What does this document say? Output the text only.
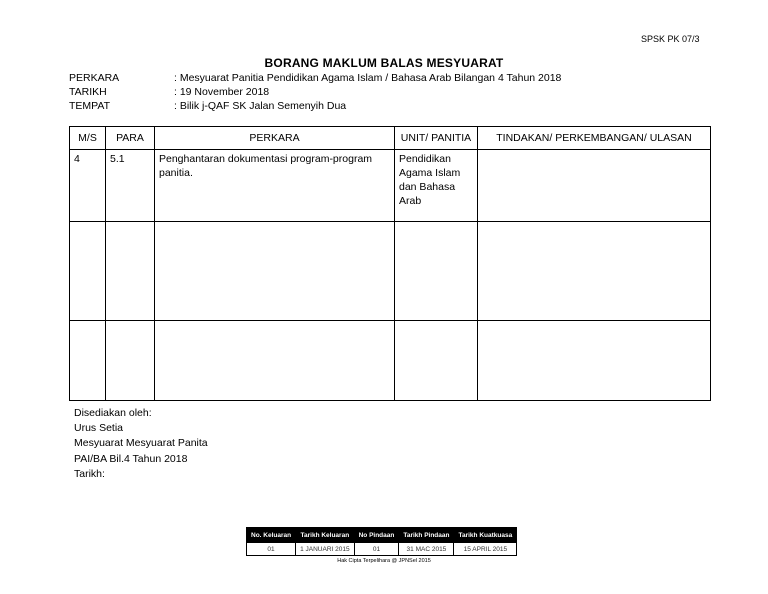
SPSK PK 07/3
BORANG MAKLUM BALAS MESYUARAT
PERKARA	: Mesyuarat Panitia Pendidikan Agama Islam / Bahasa Arab Bilangan 4 Tahun 2018
TARIKH	: 19 November 2018
TEMPAT	: Bilik j-QAF SK Jalan Semenyih Dua
M/S	PARA	PERKARA	UNIT/ PANITIA	TINDAKAN/ PERKEMBANGAN/ ULASAN
4	5.1	Penghantaran dokumentasi program-program panitia.	Pendidikan Agama Islam dan Bahasa Arab	

Disediakan oleh:
Urus Setia
Mesyuarat Mesyuarat Panita
PAI/BA Bil.4 Tahun 2018
Tarikh:
No. Keluaran	Tarikh Keluaran	No Pindaan	Tarikh Pindaan	Tarikh Kuatkuasa
01	1 JANUARI 2015	01	31 MAC 2015	15 APRIL 2015
Hak Cipta Terpelihara @ JPNSel 2015
